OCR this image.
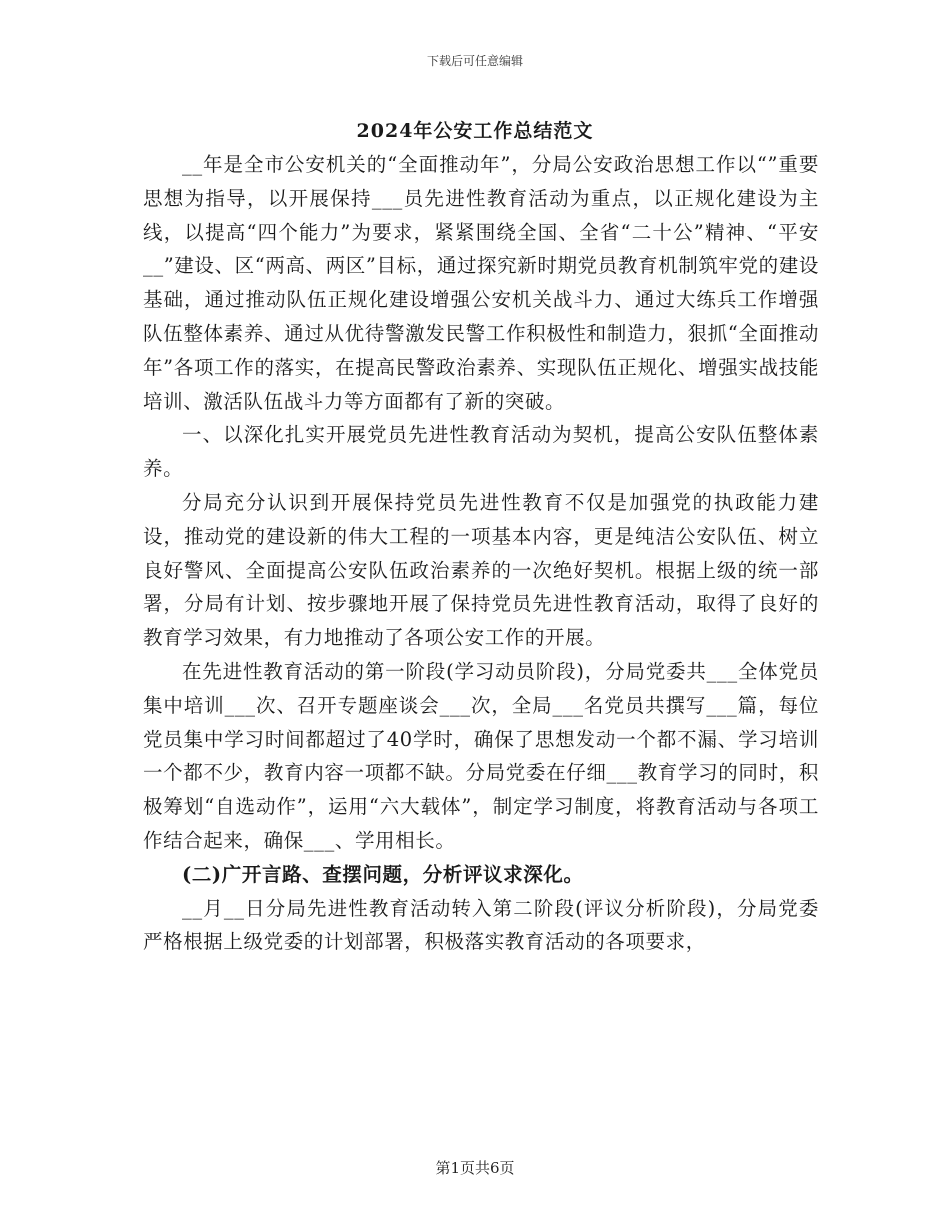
下载后可任意编辑
2024年公安工作总结范文

__年是全市公安机关的“全面推动年”，分局公安政治思想工作以“”重要思想为指导，以开展保持___员先进性教育活动为重点，以正规化建设为主线，以提高“四个能力”为要求，紧紧围绕全国、全省“二十公”精神、“平安__”建设、区“两高、两区”目标，通过探究新时期党员教育机制筑牢党的建设基础，通过推动队伍正规化建设增强公安机关战斗力、通过大练兵工作增强队伍整体素养、通过从优待警激发民警工作积极性和制造力，狠抓“全面推动年”各项工作的落实，在提高民警政治素养、实现队伍正规化、增强实战技能培训、激活队伍战斗力等方面都有了新的突破。

一、以深化扎实开展党员先进性教育活动为契机，提高公安队伍整体素养。

分局充分认识到开展保持党员先进性教育不仅是加强党的执政能力建设，推动党的建设新的伟大工程的一项基本内容，更是纯洁公安队伍、树立良好警风、全面提高公安队伍政治素养的一次绝好契机。根据上级的统一部署，分局有计划、按步骤地开展了保持党员先进性教育活动，取得了良好的教育学习效果，有力地推动了各项公安工作的开展。

在先进性教育活动的第一阶段(学习动员阶段)，分局党委共___全体党员集中培训___次、召开专题座谈会___次，全局___名党员共撰写___篇，每位党员集中学习时间都超过了40学时，确保了思想发动一个都不漏、学习培训一个都不少，教育内容一项都不缺。分局党委在仔细___教育学习的同时，积极筹划“自选动作”，运用“六大载体”，制定学习制度，将教育活动与各项工作结合起来，确保___、学用相长。

(二)广开言路、查摆问题，分析评议求深化。

__月__日分局先进性教育活动转入第二阶段(评议分析阶段)，分局党委严格根据上级党委的计划部署，积极落实教育活动的各项要求，

第1页共6页
